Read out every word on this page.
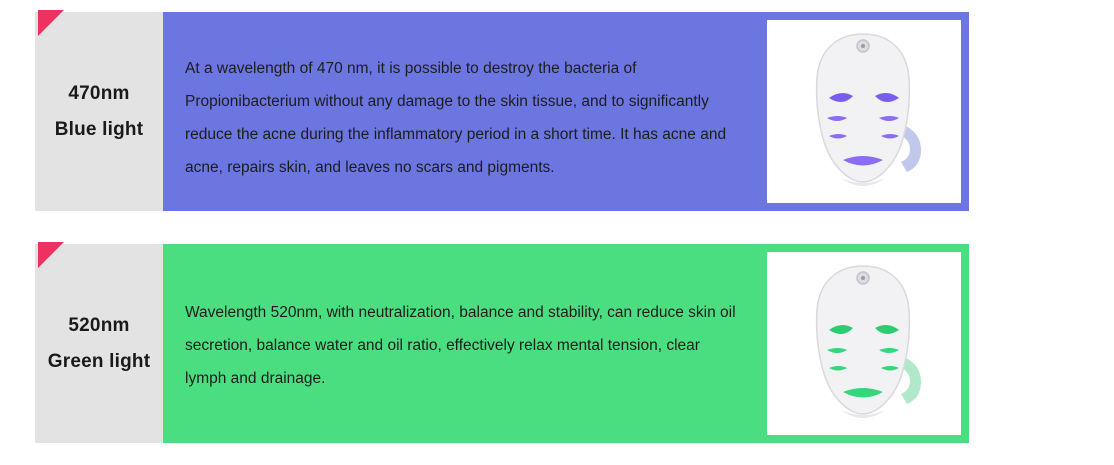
470nm
Blue light
At a wavelength of 470 nm, it is possible to destroy the bacteria of Propionibacterium without any damage to the skin tissue, and to significantly reduce the acne during the inflammatory period in a short time. It has acne and acne, repairs skin, and leaves no scars and pigments.
520nm
Green light
Wavelength 520nm, with neutralization, balance and stability, can reduce skin oil secretion, balance water and oil ratio, effectively relax mental tension, clear lymph and drainage.
